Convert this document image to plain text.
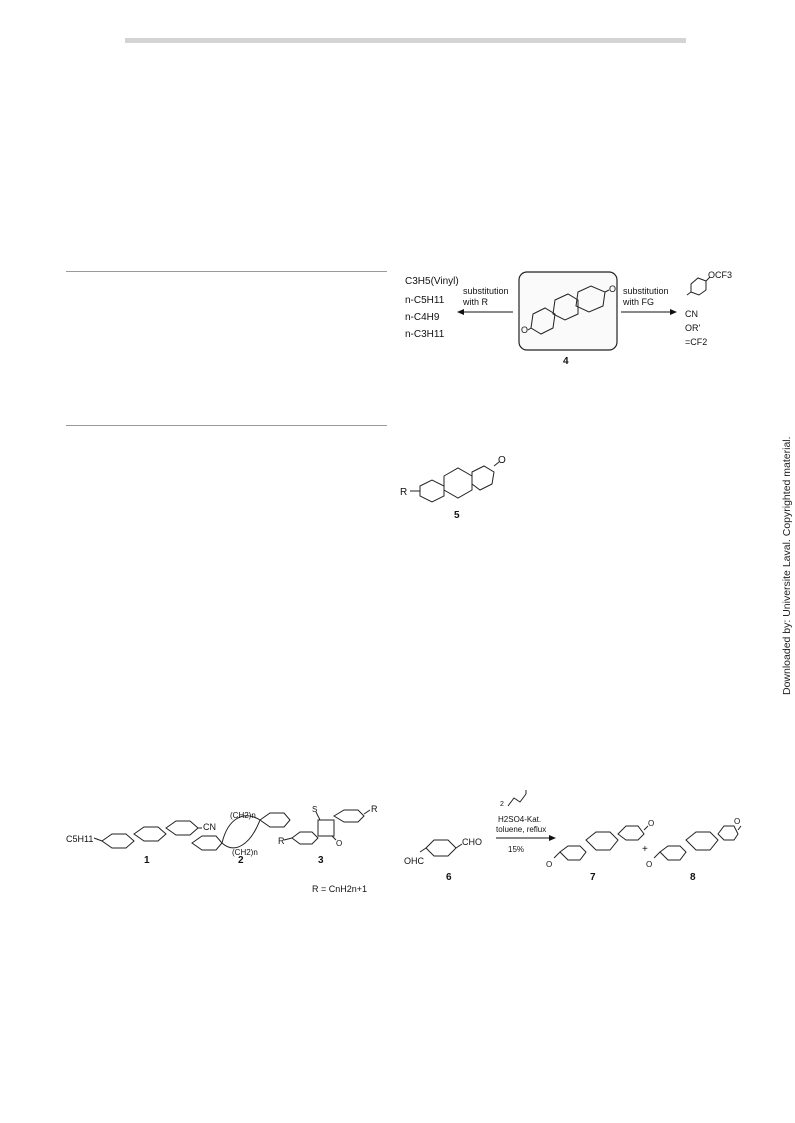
Downloaded by: Universite Laval. Copyrighted material.
C3H5(Vinyl)
n-C5H11
n-C4H9
n-C3H11
substitution
with R
O
O
4
substitution
with FG
OCF3
CN
OR'
=CF2
O
R
5
C5H11
CN
1
(CH2)n
(CH2)n
2
R
R
S
O
3
R = CnH2n+1
CHO
OHC
6
2
H2SO4-Kat.
toluene, reflux
15%
O
O
7
+
O
O
8
